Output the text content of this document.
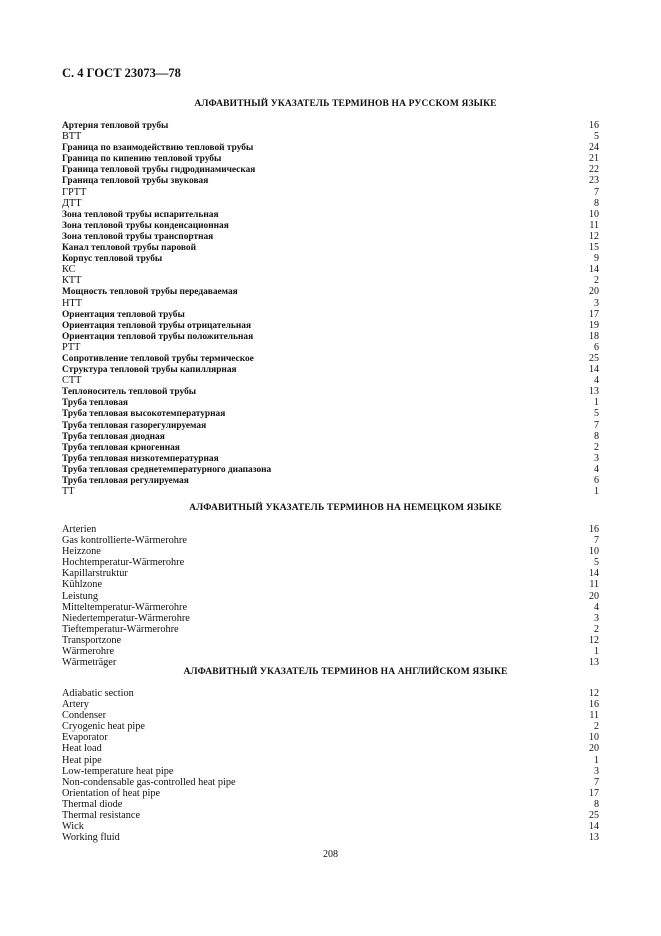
С. 4 ГОСТ 23073—78
АЛФАВИТНЫЙ УКАЗАТЕЛЬ ТЕРМИНОВ НА РУССКОМ ЯЗЫКЕ
Артерия тепловой трубы	16
ВТТ	5
Граница по взаимодействию тепловой трубы	24
Граница по кипению тепловой трубы	21
Граница тепловой трубы гидродинамическая	22
Граница тепловой трубы звуковая	23
ГРТТ	7
ДТТ	8
Зона тепловой трубы испарительная	10
Зона тепловой трубы конденсационная	11
Зона тепловой трубы транспортная	12
Канал тепловой трубы паровой	15
Корпус тепловой трубы	9
КС	14
КТТ	2
Мощность тепловой трубы передаваемая	20
НТТ	3
Ориентация тепловой трубы	17
Ориентация тепловой трубы отрицательная	19
Ориентация тепловой трубы положительная	18
РТТ	6
Сопротивление тепловой трубы термическое	25
Структура тепловой трубы капиллярная	14
СТТ	4
Теплоноситель тепловой трубы	13
Труба тепловая	1
Труба тепловая высокотемпературная	5
Труба тепловая газорегулируемая	7
Труба тепловая диодная	8
Труба тепловая криогенная	2
Труба тепловая низкотемпературная	3
Труба тепловая среднетемпературного диапазона	4
Труба тепловая регулируемая	6
ТТ	1
АЛФАВИТНЫЙ УКАЗАТЕЛЬ ТЕРМИНОВ НА НЕМЕЦКОМ ЯЗЫКЕ
Arterien	16
Gas kontrollierte-Wärmerohre	7
Heizzone	10
Hochtemperatur-Wärmerohre	5
Kapillarstruktur	14
Kühlzone	11
Leistung	20
Mitteltemperatur-Wärmerohre	4
Niedertemperatur-Wärmerohre	3
Tieftemperatur-Wärmerohre	2
Transportzone	12
Wärmerohre	1
Wärmeträger	13
АЛФАВИТНЫЙ УКАЗАТЕЛЬ ТЕРМИНОВ НА АНГЛИЙСКОМ ЯЗЫКЕ
Adiabatic section	12
Artery	16
Condenser	11
Cryogenic heat pipe	2
Evaporator	10
Heat load	20
Heat pipe	1
Low-temperature heat pipe	3
Non-condensable gas-controlled heat pipe	7
Orientation of heat pipe	17
Thermal diode	8
Thermal resistance	25
Wick	14
Working fluid	13
208
